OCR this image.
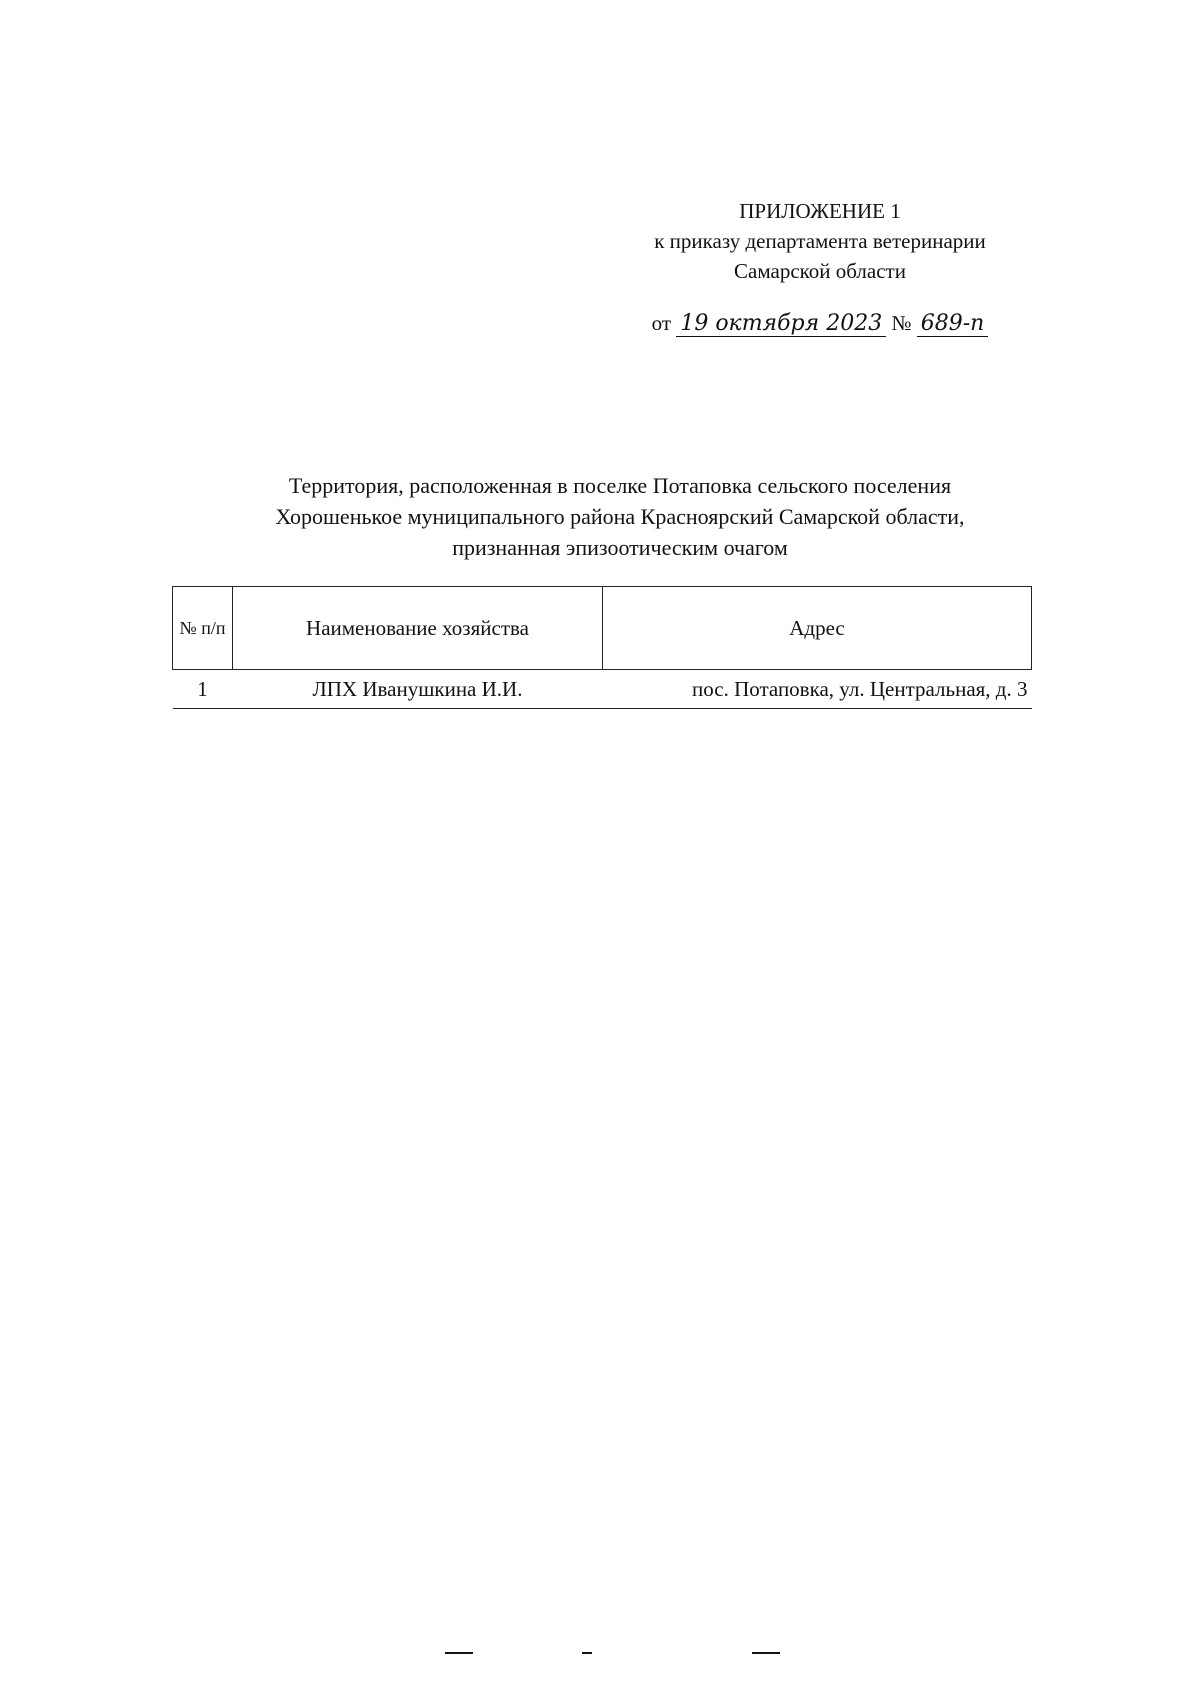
ПРИЛОЖЕНИЕ 1
к приказу департамента ветеринарии
Самарской области
от 19 октября 2023 № 689-п
Территория, расположенная в поселке Потаповка сельского поселения
Хорошенькое муниципального района Красноярский Самарской области,
признанная эпизоотическим очагом
№ п/п	Наименование хозяйства	Адрес
1	ЛПХ Иванушкина И.И.	пос. Потаповка, ул. Центральная, д. 3
